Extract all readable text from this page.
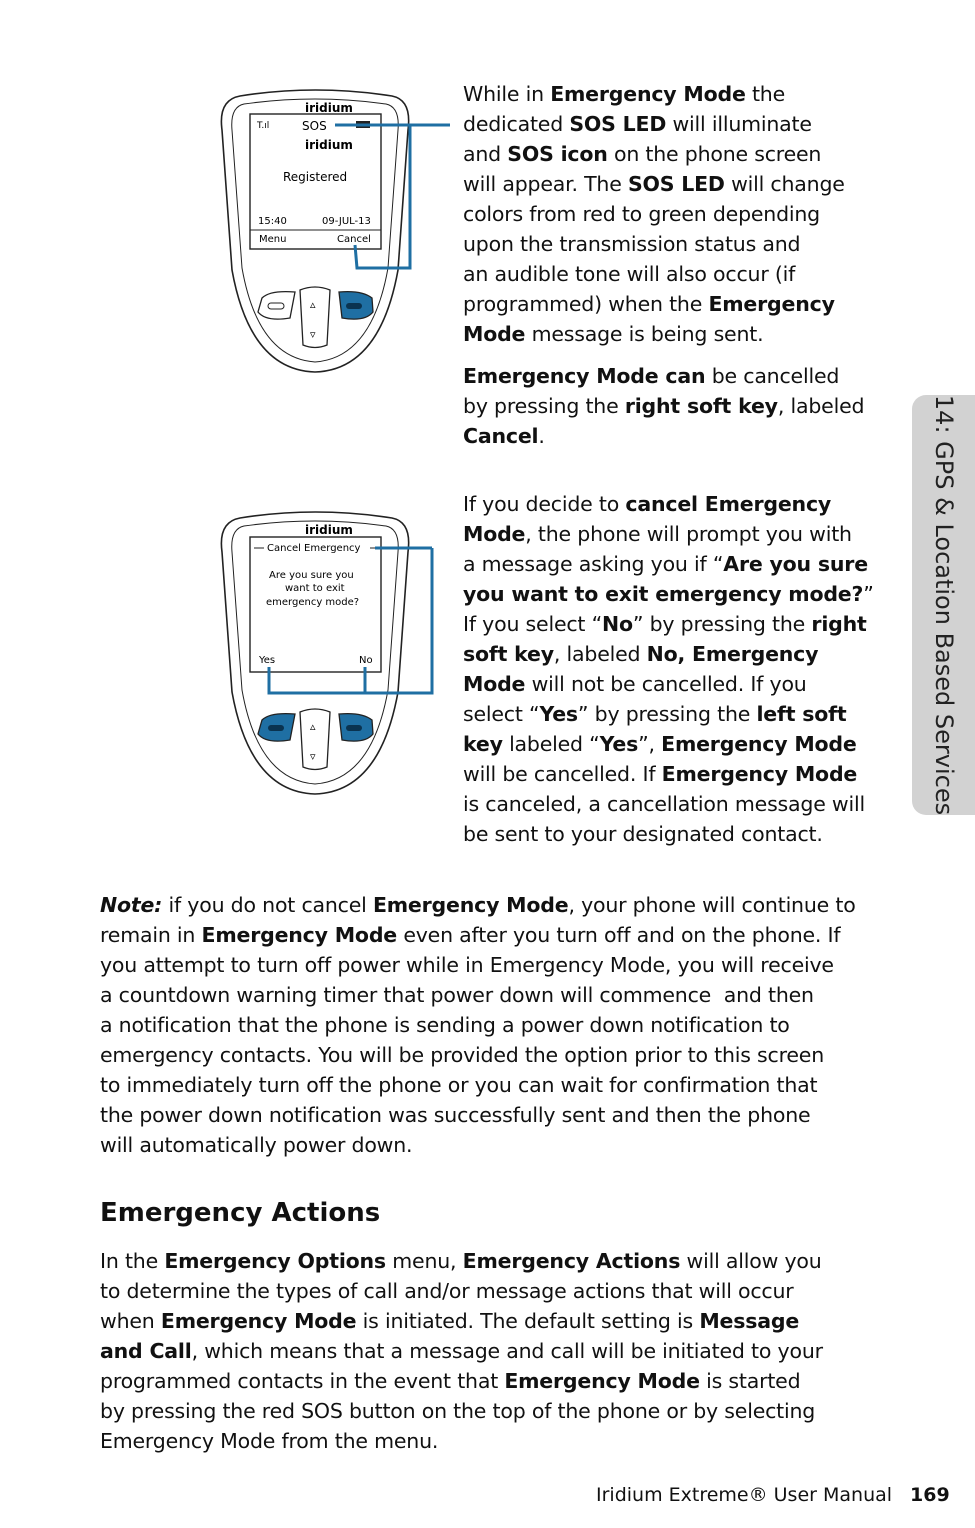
iridium
T.ıl	SOS
iridium
Registered
15:40	09-JUL-13
Menu	Cancel
▵
▿
iridium
Cancel Emergency
Are you sure you
want to exit
emergency mode?
Yes	No
▵
▿

While in Emergency Mode the
dedicated SOS LED will illuminate
and SOS icon on the phone screen
will appear. The SOS LED will change
colors from red to green depending
upon the transmission status and
an audible tone will also occur (if
programmed) when the Emergency
Mode message is being sent.

Emergency Mode can be cancelled
by pressing the right soft key, labeled
Cancel.

If you decide to cancel Emergency
Mode, the phone will prompt you with
a message asking you if “Are you sure
you want to exit emergency mode?”
If you select “No” by pressing the right
soft key, labeled No, Emergency
Mode will not be cancelled. If you
select “Yes” by pressing the left soft
key labeled “Yes”, Emergency Mode
will be cancelled. If Emergency Mode
is canceled, a cancellation message will
be sent to your designated contact.

14: GPS & Location Based Services

Note: if you do not cancel Emergency Mode, your phone will continue to
remain in Emergency Mode even after you turn off and on the phone. If
you attempt to turn off power while in Emergency Mode, you will receive
a countdown warning timer that power down will commence  and then
a notification that the phone is sending a power down notification to
emergency contacts. You will be provided the option prior to this screen
to immediately turn off the phone or you can wait for confirmation that
the power down notification was successfully sent and then the phone
will automatically power down.

Emergency Actions

In the Emergency Options menu, Emergency Actions will allow you
to determine the types of call and/or message actions that will occur
when Emergency Mode is initiated. The default setting is Message
and Call, which means that a message and call will be initiated to your
programmed contacts in the event that Emergency Mode is started
by pressing the red SOS button on the top of the phone or by selecting
Emergency Mode from the menu.

Iridium Extreme® User Manual 169
